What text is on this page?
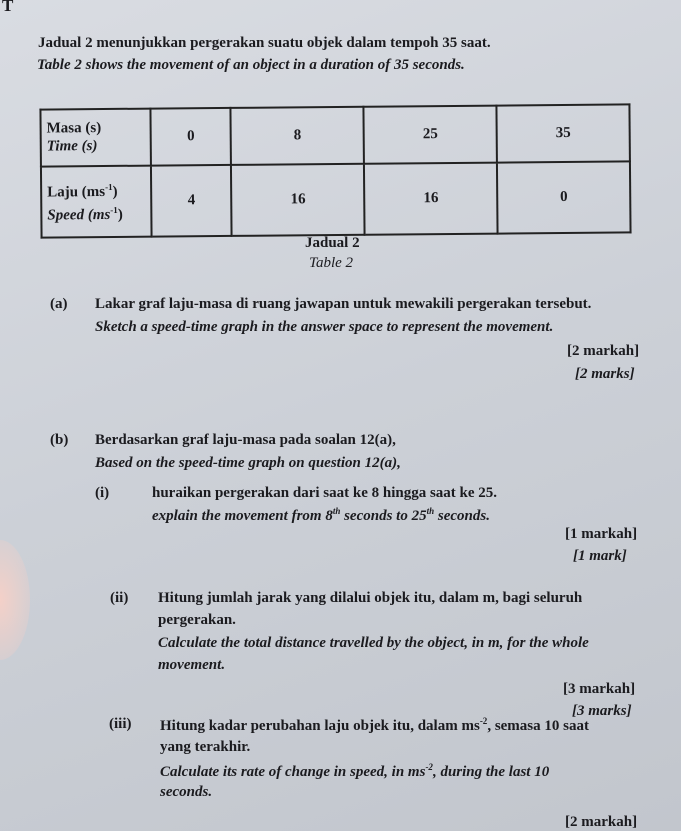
T
Jadual 2 menunjukkan pergerakan suatu objek dalam tempoh 35 saat.
Table 2 shows the movement of an object in a duration of 35 seconds.
Masa (s)
Time (s)	0	8	25	35
Laju $(ms^{-1})$
Speed $(ms^{-1})$	4	16	16	0
Jadual 2
Table 2
(a) Lakar graf laju-masa di ruang jawapan untuk mewakili pergerakan tersebut.
Sketch a speed-time graph in the answer space to represent the movement.
[2 markah]
[2 marks]
(b) Berdasarkan graf laju-masa pada soalan 12(a),
Based on the speed-time graph on question 12(a),
(i)	huraikan pergerakan dari saat ke 8 hingga saat ke 25.
explain the movement from 8th seconds to 25th seconds.
[1 markah]
[1 mark]
(ii) Hitung jumlah jarak yang dilalui objek itu, dalam m, bagi seluruh
pergerakan.
Calculate the total distance travelled by the object, in m, for the whole
movement.
[3 markah]
[3 marks]
(iii) Hitung kadar perubahan laju objek itu, dalam $ms^{-2}$, semasa 10 saat
yang terakhir.
Calculate its rate of change in speed, in $ms^{-2}$, during the last 10
seconds.
[2 markah]
